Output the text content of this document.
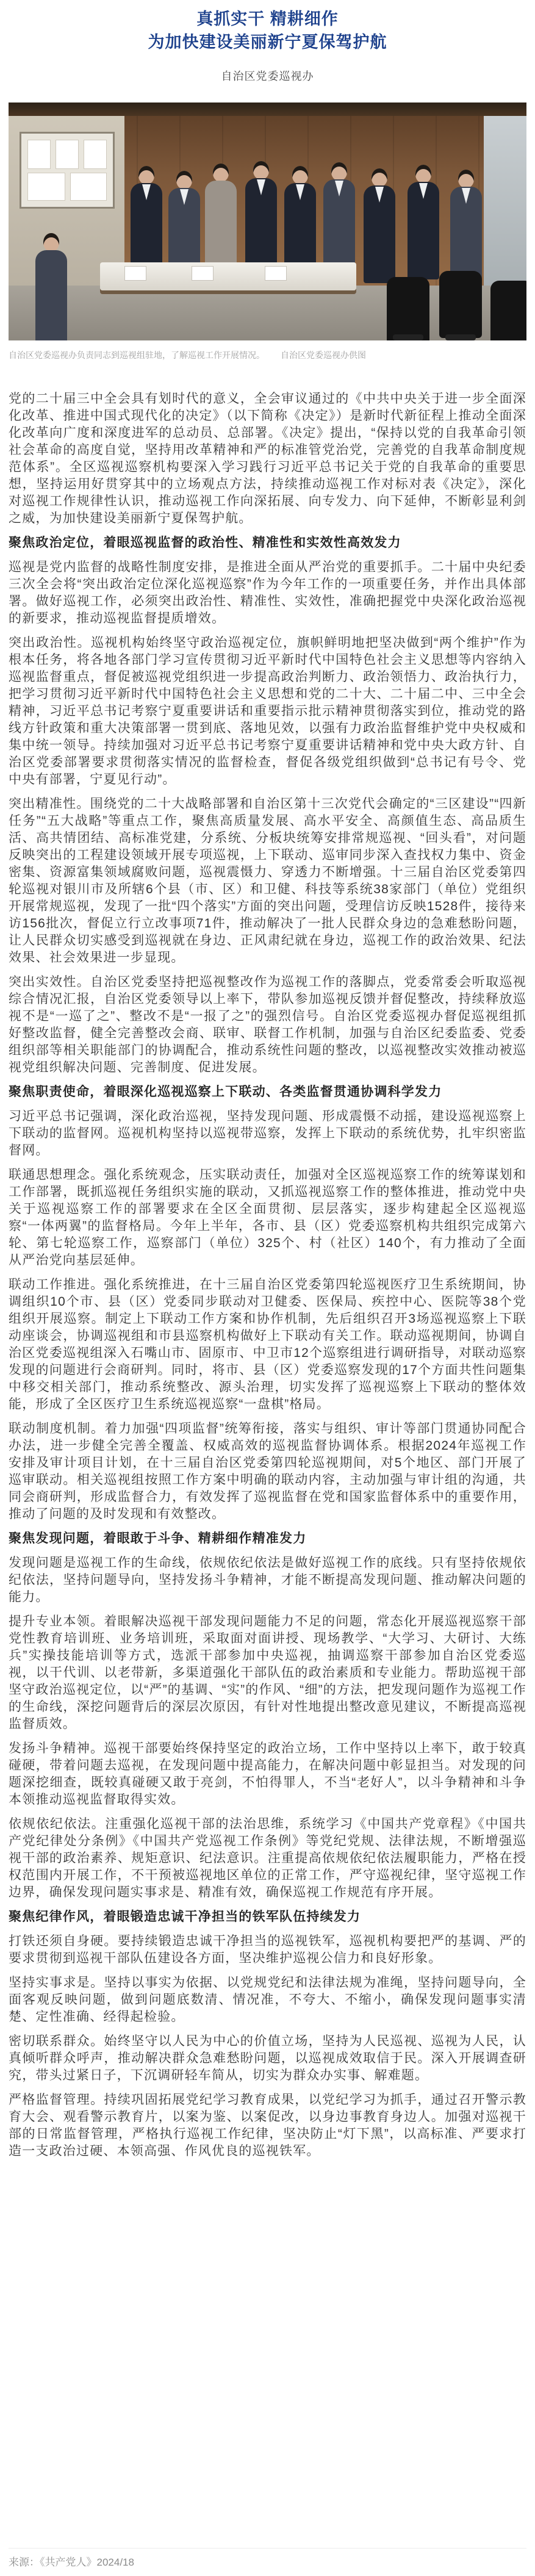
真抓实干 精耕细作
为加快建设美丽新宁夏保驾护航
自治区党委巡视办
自治区党委巡视办负责同志到巡视组驻地，了解巡视工作开展情况。 自治区党委巡视办供图

党的二十届三中全会具有划时代的意义，全会审议通过的《中共中央关于进一步全面深化改革、推进中国式现代化的决定》（以下简称《决定》）是新时代新征程上推动全面深化改革向广度和深度进军的总动员、总部署。《决定》提出，“保持以党的自我革命引领社会革命的高度自觉，坚持用改革精神和严的标准管党治党，完善党的自我革命制度规范体系”。全区巡视巡察机构要深入学习践行习近平总书记关于党的自我革命的重要思想，坚持运用好贯穿其中的立场观点方法，持续推动巡视工作对标对表《决定》，深化对巡视工作规律性认识，推动巡视工作向深拓展、向专发力、向下延伸，不断彰显利剑之威，为加快建设美丽新宁夏保驾护航。

聚焦政治定位，着眼巡视监督的政治性、精准性和实效性高效发力

巡视是党内监督的战略性制度安排，是推进全面从严治党的重要抓手。二十届中央纪委三次全会将“突出政治定位深化巡视巡察”作为今年工作的一项重要任务，并作出具体部署。做好巡视工作，必须突出政治性、精准性、实效性，准确把握党中央深化政治巡视的新要求，推动巡视监督提质增效。

突出政治性。巡视机构始终坚守政治巡视定位，旗帜鲜明地把坚决做到“两个维护”作为根本任务，将各地各部门学习宣传贯彻习近平新时代中国特色社会主义思想等内容纳入巡视监督重点，督促被巡视党组织进一步提高政治判断力、政治领悟力、政治执行力，把学习贯彻习近平新时代中国特色社会主义思想和党的二十大、二十届二中、三中全会精神，习近平总书记考察宁夏重要讲话和重要指示批示精神贯彻落实到位，推动党的路线方针政策和重大决策部署一贯到底、落地见效，以强有力政治监督维护党中央权威和集中统一领导。持续加强对习近平总书记考察宁夏重要讲话精神和党中央大政方针、自治区党委部署要求贯彻落实情况的监督检查，督促各级党组织做到“总书记有号令、党中央有部署，宁夏见行动”。

突出精准性。围绕党的二十大战略部署和自治区第十三次党代会确定的“三区建设”“四新任务”“五大战略”等重点工作，聚焦高质量发展、高水平安全、高颜值生态、高品质生活、高共情团结、高标准党建，分系统、分板块统筹安排常规巡视、“回头看”，对问题反映突出的工程建设领域开展专项巡视，上下联动、巡审同步深入查找权力集中、资金密集、资源富集领域腐败问题，巡视震慑力、穿透力不断增强。十三届自治区党委第四轮巡视对银川市及所辖6个县（市、区）和卫健、科技等系统38家部门（单位）党组织开展常规巡视，发现了一批“四个落实”方面的突出问题，受理信访反映1528件，接待来访156批次，督促立行立改事项71件，推动解决了一批人民群众身边的急难愁盼问题，让人民群众切实感受到巡视就在身边、正风肃纪就在身边，巡视工作的政治效果、纪法效果、社会效果进一步显现。

突出实效性。自治区党委坚持把巡视整改作为巡视工作的落脚点，党委常委会听取巡视综合情况汇报，自治区党委领导以上率下，带队参加巡视反馈并督促整改，持续释放巡视不是“一巡了之”、整改不是“一报了之”的强烈信号。自治区党委巡视办督促巡视组抓好整改监督，健全完善整改会商、联审、联督工作机制，加强与自治区纪委监委、党委组织部等相关职能部门的协调配合，推动系统性问题的整改，以巡视整改实效推动被巡视党组织解决问题、完善制度、促进发展。

聚焦职责使命，着眼深化巡视巡察上下联动、各类监督贯通协调科学发力

习近平总书记强调，深化政治巡视，坚持发现问题、形成震慑不动摇，建设巡视巡察上下联动的监督网。巡视机构坚持以巡视带巡察，发挥上下联动的系统优势，扎牢织密监督网。

联通思想理念。强化系统观念，压实联动责任，加强对全区巡视巡察工作的统筹谋划和工作部署，既抓巡视任务组织实施的联动，又抓巡视巡察工作的整体推进，推动党中央关于巡视巡察工作的部署要求在全区全面贯彻、层层落实，逐步构建起全区巡视巡察“一体两翼”的监督格局。今年上半年，各市、县（区）党委巡察机构共组织完成第六轮、第七轮巡察工作，巡察部门（单位）325个、村（社区）140个，有力推动了全面从严治党向基层延伸。

联动工作推进。强化系统推进，在十三届自治区党委第四轮巡视医疗卫生系统期间，协调组织10个市、县（区）党委同步联动对卫健委、医保局、疾控中心、医院等38个党组织开展巡察。制定上下联动工作方案和协作机制，先后组织召开3场巡视巡察上下联动座谈会，协调巡视组和市县巡察机构做好上下联动有关工作。联动巡视期间，协调自治区党委巡视组深入石嘴山市、固原市、中卫市12个巡察组进行调研指导，对联动巡察发现的问题进行会商研判。同时，将市、县（区）党委巡察发现的17个方面共性问题集中移交相关部门，推动系统整改、源头治理，切实发挥了巡视巡察上下联动的整体效能，形成了全区医疗卫生系统巡视巡察“一盘棋”格局。

联动制度机制。着力加强“四项监督”统筹衔接，落实与组织、审计等部门贯通协同配合办法，进一步健全完善全覆盖、权威高效的巡视监督协调体系。根据2024年巡视工作安排及审计项目计划，在十三届自治区党委第四轮巡视期间，对5个地区、部门开展了巡审联动。相关巡视组按照工作方案中明确的联动内容，主动加强与审计组的沟通，共同会商研判，形成监督合力，有效发挥了巡视监督在党和国家监督体系中的重要作用，推动了问题的及时发现和有效整改。

聚焦发现问题，着眼敢于斗争、精耕细作精准发力

发现问题是巡视工作的生命线，依规依纪依法是做好巡视工作的底线。只有坚持依规依纪依法，坚持问题导向，坚持发扬斗争精神，才能不断提高发现问题、推动解决问题的能力。

提升专业本领。着眼解决巡视干部发现问题能力不足的问题，常态化开展巡视巡察干部党性教育培训班、业务培训班，采取面对面讲授、现场教学、“大学习、大研讨、大练兵”实操技能培训等方式，选派干部参加中央巡视，抽调巡察干部参加自治区党委巡视，以干代训、以老带新，多渠道强化干部队伍的政治素质和专业能力。帮助巡视干部坚守政治巡视定位，以“严”的基调、“实”的作风、“细”的方法，把发现问题作为巡视工作的生命线，深挖问题背后的深层次原因，有针对性地提出整改意见建议，不断提高巡视监督质效。

发扬斗争精神。巡视干部要始终保持坚定的政治立场，工作中坚持以上率下，敢于较真碰硬，带着问题去巡视，在发现问题中提高能力，在解决问题中彰显担当。对发现的问题深挖细查，既较真碰硬又敢于亮剑，不怕得罪人，不当“老好人”，以斗争精神和斗争本领推动巡视监督取得实效。

依规依纪依法。注重强化巡视干部的法治思维，系统学习《中国共产党章程》《中国共产党纪律处分条例》《中国共产党巡视工作条例》等党纪党规、法律法规，不断增强巡视干部的政治素养、规矩意识、纪法意识。注重提高依规依纪依法履职能力，严格在授权范围内开展工作，不干预被巡视地区单位的正常工作，严守巡视纪律，坚守巡视工作边界，确保发现问题实事求是、精准有效，确保巡视工作规范有序开展。

聚焦纪律作风，着眼锻造忠诚干净担当的铁军队伍持续发力

打铁还须自身硬。要持续锻造忠诚干净担当的巡视铁军，巡视机构要把严的基调、严的要求贯彻到巡视干部队伍建设各方面，坚决维护巡视公信力和良好形象。

坚持实事求是。坚持以事实为依据、以党规党纪和法律法规为准绳，坚持问题导向，全面客观反映问题，做到问题底数清、情况准，不夸大、不缩小，确保发现问题事实清楚、定性准确、经得起检验。

密切联系群众。始终坚守以人民为中心的价值立场，坚持为人民巡视、巡视为人民，认真倾听群众呼声，推动解决群众急难愁盼问题，以巡视成效取信于民。深入开展调查研究，带头过紧日子，下沉调研轻车简从，切实为群众办实事、解难题。

严格监督管理。持续巩固拓展党纪学习教育成果，以党纪学习为抓手，通过召开警示教育大会、观看警示教育片，以案为鉴、以案促改，以身边事教育身边人。加强对巡视干部的日常监督管理，严格执行巡视工作纪律，坚决防止“灯下黑”，以高标准、严要求打造一支政治过硬、本领高强、作风优良的巡视铁军。

来源：《共产党人》2024/18
